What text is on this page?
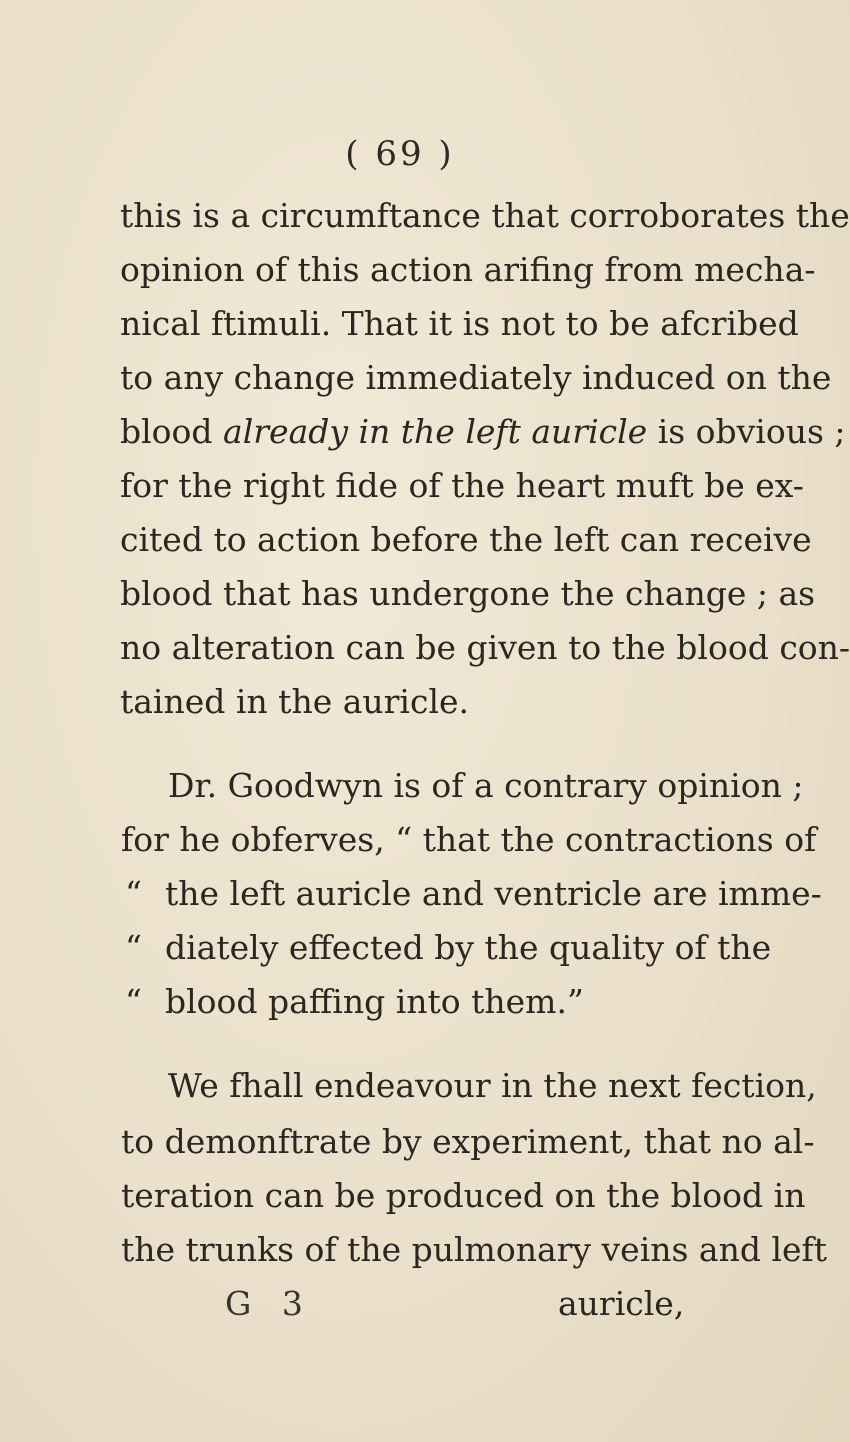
( 69 )
this is a circumftance that corroborates the
opinion of this action arifing from mecha-
nical ftimuli. That it is not to be afcribed
to any change immediately induced on the
blood already in the left auricle is obvious ;
for the right fide of the heart muft be ex-
cited to action before the left can receive
blood that has undergone the change ; as
no alteration can be given to the blood con-
tained in the auricle.
Dr. Goodwyn is of a contrary opinion ;
for he obferves, “ that the contractions of
“ the left auricle and ventricle are imme-
“ diately effected by the quality of the
“ blood paffing into them.”
We fhall endeavour in the next fection,
to demonftrate by experiment, that no al-
teration can be produced on the blood in
the trunks of the pulmonary veins and left
G 3	auricle,
